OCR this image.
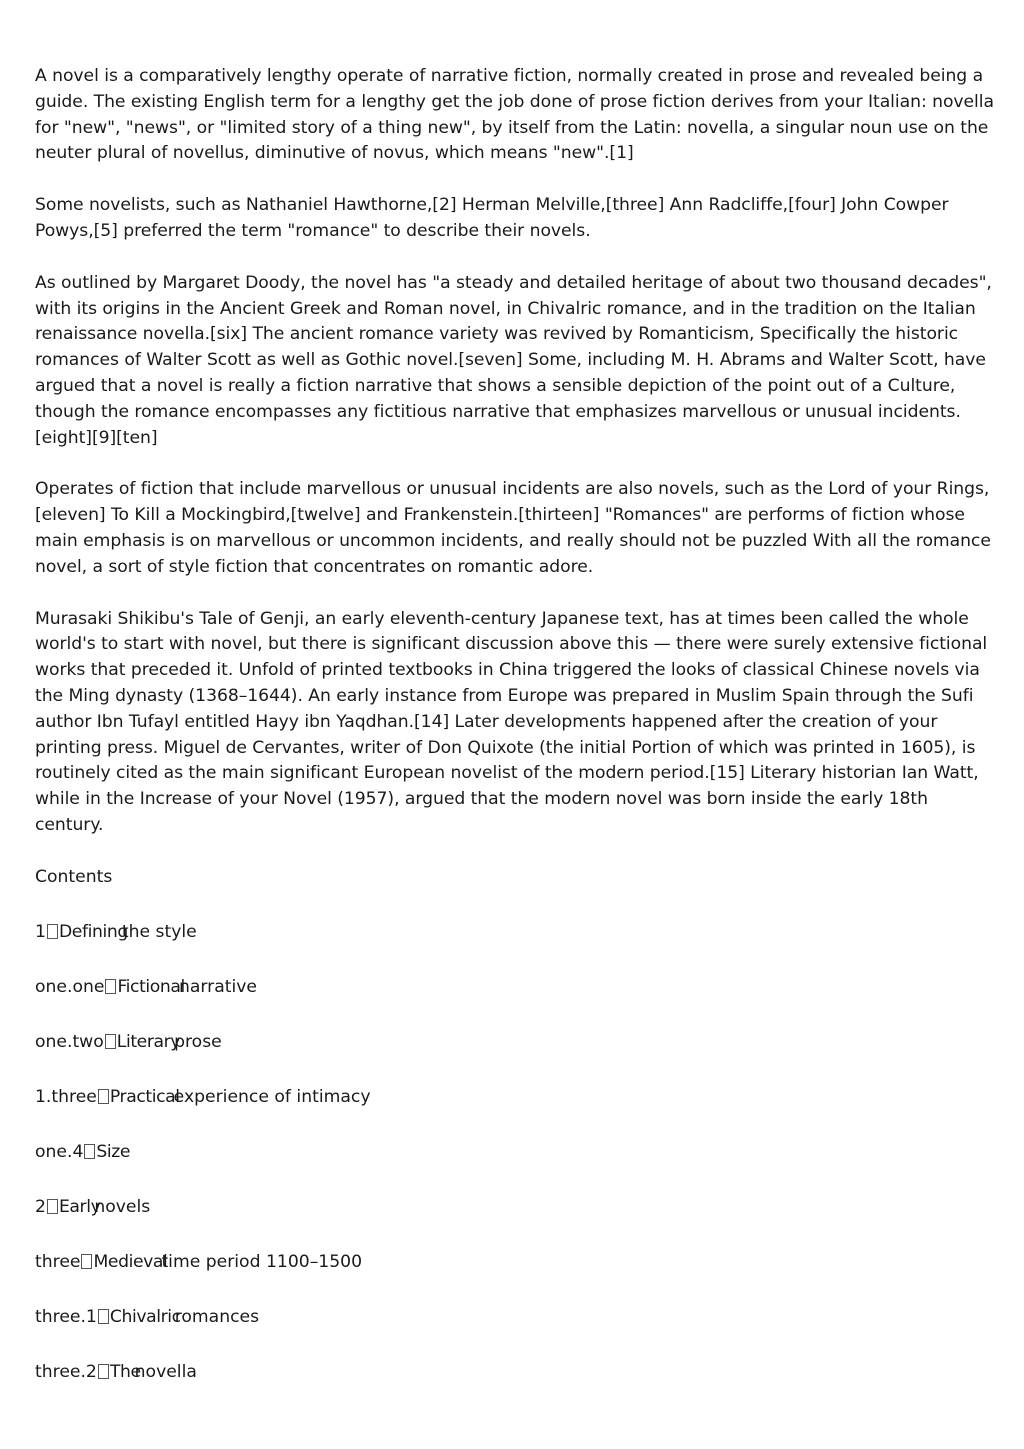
A novel is a comparatively lengthy operate of narrative fiction, normally created in prose and revealed being a guide. The existing English term for a lengthy get the job done of prose fiction derives from your Italian: novella for "new", "news", or "limited story of a thing new", by itself from the Latin: novella, a singular noun use on the neuter plural of novellus, diminutive of novus, which means "new".[1]

Some novelists, such as Nathaniel Hawthorne,[2] Herman Melville,[three] Ann Radcliffe,[four] John Cowper Powys,[5] preferred the term "romance" to describe their novels.

As outlined by Margaret Doody, the novel has "a steady and detailed heritage of about two thousand decades", with its origins in the Ancient Greek and Roman novel, in Chivalric romance, and in the tradition on the Italian renaissance novella.[six] The ancient romance variety was revived by Romanticism, Specifically the historic romances of Walter Scott as well as Gothic novel.[seven] Some, including M. H. Abrams and Walter Scott, have argued that a novel is really a fiction narrative that shows a sensible depiction of the point out of a Culture, though the romance encompasses any fictitious narrative that emphasizes marvellous or unusual incidents.[eight][9][ten]

Operates of fiction that include marvellous or unusual incidents are also novels, such as the Lord of your Rings,[eleven] To Kill a Mockingbird,[twelve] and Frankenstein.[thirteen] "Romances" are performs of fiction whose main emphasis is on marvellous or uncommon incidents, and really should not be puzzled With all the romance novel, a sort of style fiction that concentrates on romantic adore.

Murasaki Shikibu's Tale of Genji, an early eleventh-century Japanese text, has at times been called the whole world's to start with novel, but there is significant discussion above this — there were surely extensive fictional works that preceded it. Unfold of printed textbooks in China triggered the looks of classical Chinese novels via the Ming dynasty (1368–1644). An early instance from Europe was prepared in Muslim Spain through the Sufi author Ibn Tufayl entitled Hayy ibn Yaqdhan.[14] Later developments happened after the creation of your printing press. Miguel de Cervantes, writer of Don Quixote (the initial Portion of which was printed in 1605), is routinely cited as the main significant European novelist of the modern period.[15] Literary historian Ian Watt, while in the Increase of your Novel (1957), argued that the modern novel was born inside the early 18th century.

Contents

1 Definingthe style
one.one Fictionalnarrative
one.two Literaryprose
1.three Practicalexperience of intimacy
one.4 Size
2 Earlynovels
three Medievaltime period 1100–1500
three.1 Chivalricromances
three.2 Thenovella
